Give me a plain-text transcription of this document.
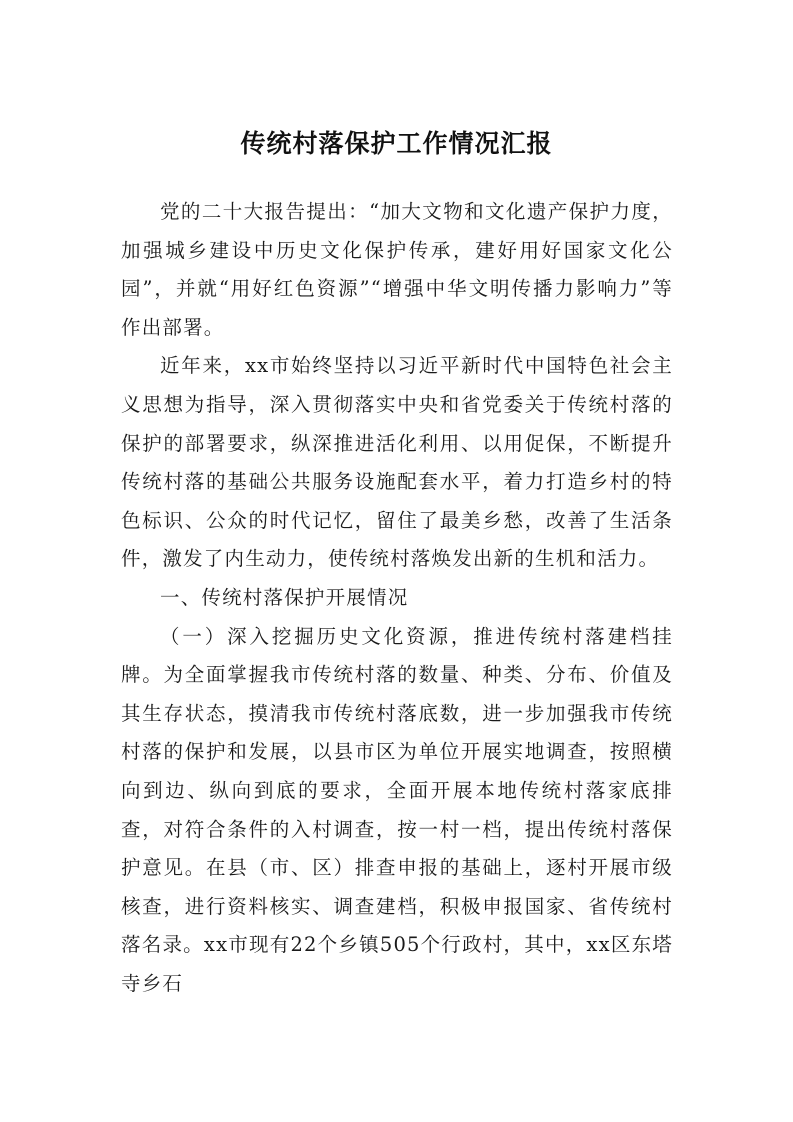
传统村落保护工作情况汇报

党的二十大报告提出：“加大文物和文化遗产保护力度，加强城乡建设中历史文化保护传承，建好用好国家文化公园”，并就“用好红色资源”“增强中华文明传播力影响力”等作出部署。

近年来，xx市始终坚持以习近平新时代中国特色社会主义思想为指导，深入贯彻落实中央和省党委关于传统村落的保护的部署要求，纵深推进活化利用、以用促保，不断提升传统村落的基础公共服务设施配套水平，着力打造乡村的特色标识、公众的时代记忆，留住了最美乡愁，改善了生活条件，激发了内生动力，使传统村落焕发出新的生机和活力。

一、传统村落保护开展情况

（一）深入挖掘历史文化资源，推进传统村落建档挂牌。为全面掌握我市传统村落的数量、种类、分布、价值及其生存状态，摸清我市传统村落底数，进一步加强我市传统村落的保护和发展，以县市区为单位开展实地调查，按照横向到边、纵向到底的要求，全面开展本地传统村落家底排查，对符合条件的入村调查，按一村一档，提出传统村落保护意见。在县（市、区）排查申报的基础上，逐村开展市级核查，进行资料核实、调查建档，积极申报国家、省传统村落名录。xx市现有22个乡镇505个行政村，其中，xx区东塔寺乡石
